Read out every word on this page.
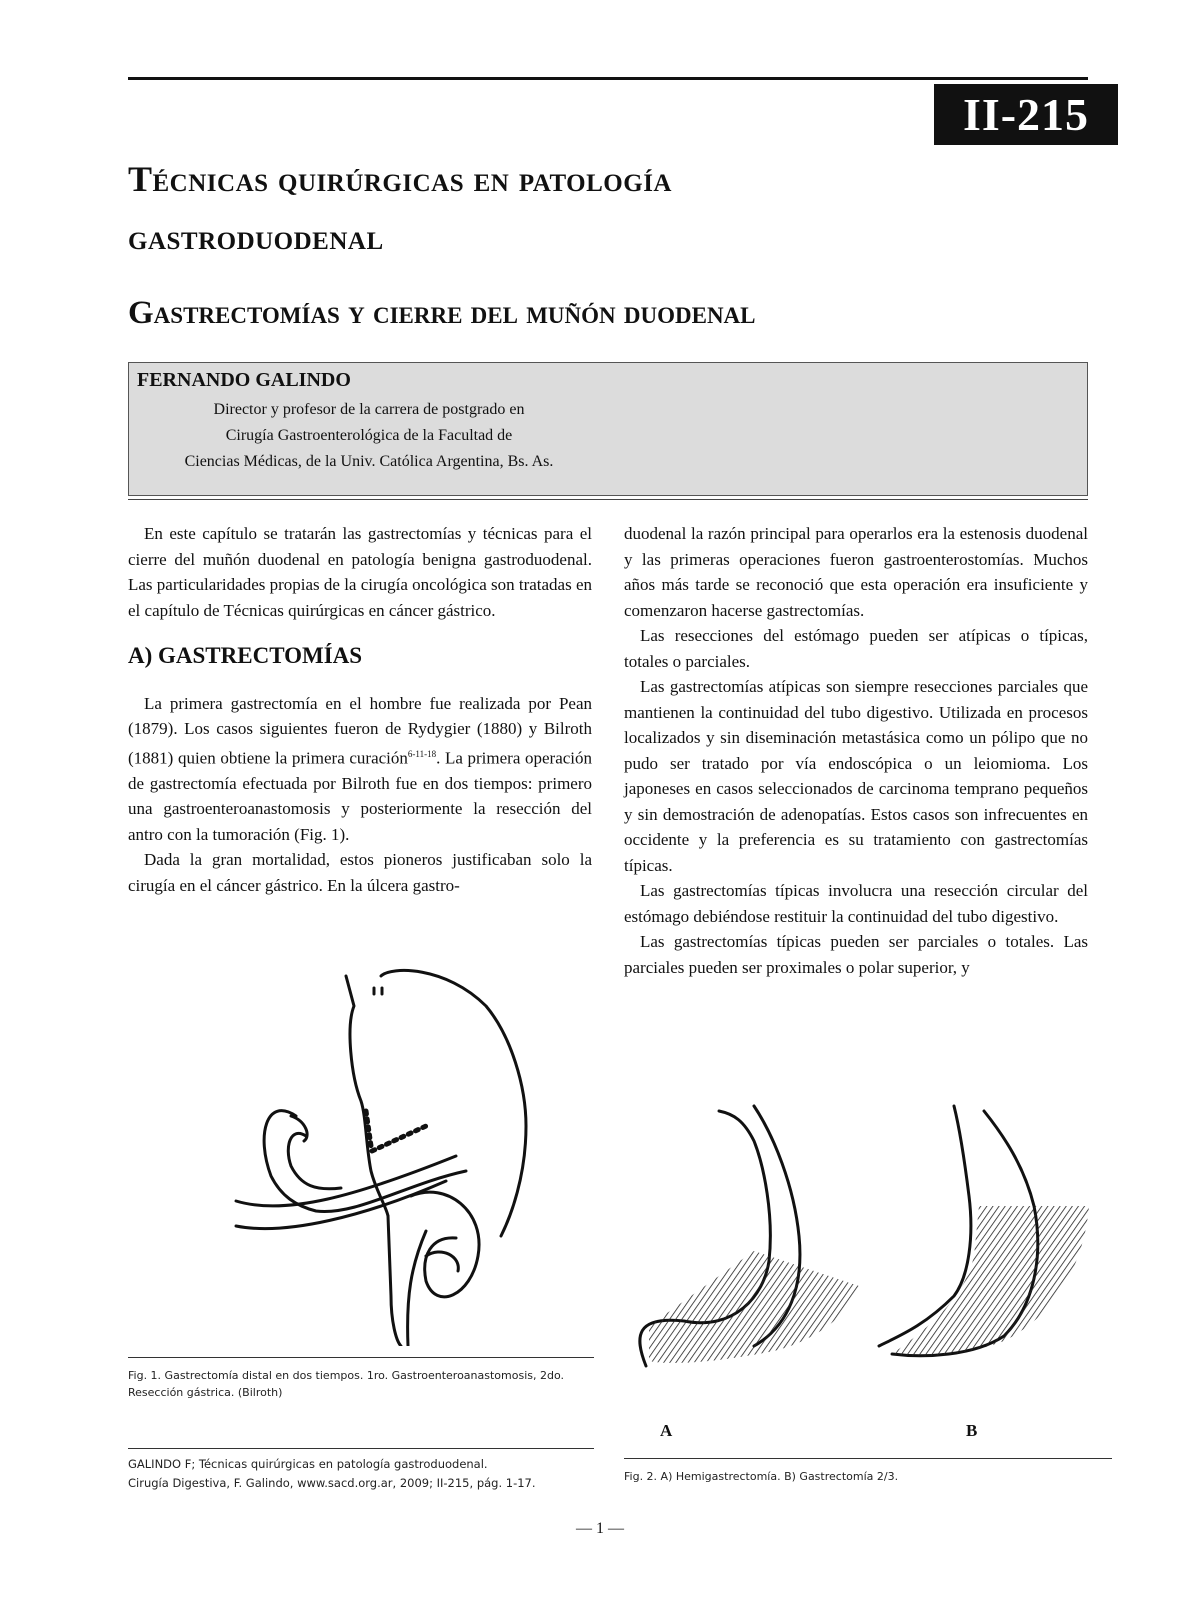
II-215
Técnicas quirúrgicas en patología
gastroduodenal
Gastrectomías y cierre del muñón duodenal
FERNANDO GALINDO
Director y profesor de la carrera de postgrado en
Cirugía Gastroenterológica de la Facultad de
Ciencias Médicas, de la Univ. Católica Argentina, Bs. As.

En este capítulo se tratarán las gastrectomías y técnicas para el cierre del muñón duodenal en patología benigna gastroduodenal. Las particularidades propias de la cirugía oncológica son tratadas en el capítulo de Técnicas quirúrgicas en cáncer gástrico.

A) GASTRECTOMÍAS

La primera gastrectomía en el hombre fue realizada por Pean (1879). Los casos siguientes fueron de Rydygier (1880) y Bilroth (1881) quien obtiene la primera curación$^{6-11-18}$. La primera operación de gastrectomía efectuada por Bilroth fue en dos tiempos: primero una gastroenteroanastomosis y posteriormente la resección del antro con la tumoración (Fig. 1).

Dada la gran mortalidad, estos pioneros justificaban solo la cirugía en el cáncer gástrico. En la úlcera gastro-

duodenal la razón principal para operarlos era la estenosis duodenal y las primeras operaciones fueron gastroenterostomías. Muchos años más tarde se reconoció que esta operación era insuficiente y comenzaron hacerse gastrectomías.

Las resecciones del estómago pueden ser atípicas o típicas, totales o parciales.

Las gastrectomías atípicas son siempre resecciones parciales que mantienen la continuidad del tubo digestivo. Utilizada en procesos localizados y sin diseminación metastásica como un pólipo que no pudo ser tratado por vía endoscópica o un leiomioma. Los japoneses en casos seleccionados de carcinoma temprano pequeños y sin demostración de adenopatías. Estos casos son infrecuentes en occidente y la preferencia es su tratamiento con gastrectomías típicas.

Las gastrectomías típicas involucra una resección circular del estómago debiéndose restituir la continuidad del tubo digestivo.

Las gastrectomías típicas pueden ser parciales o totales. Las parciales pueden ser proximales o polar superior, y

Fig. 1. Gastrectomía distal en dos tiempos. 1ro. Gastroenteroanastomosis, 2do. Resección gástrica. (Bilroth)
A	B
Fig. 2. A) Hemigastrectomía. B) Gastrectomía 2/3.
GALINDO F; Técnicas quirúrgicas en patología gastroduodenal.
Cirugía Digestiva, F. Galindo, www.sacd.org.ar, 2009; II-215, pág. 1-17.
— 1 —
